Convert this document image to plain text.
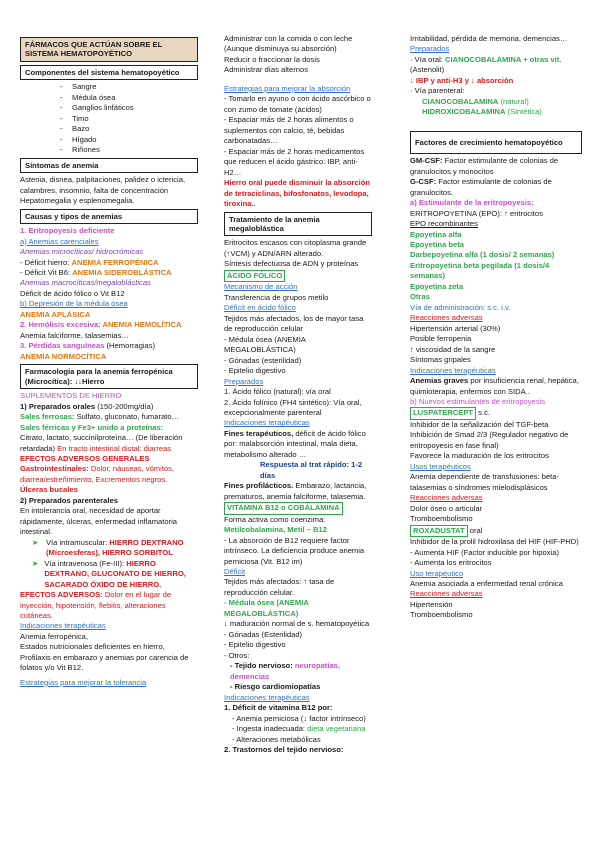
FÁRMACOS QUE ACTÚAN SOBRE EL SISTEMA HEMATOPOYÉTICO
Componentes del sistema hematopoyético
-	Sangre
-	Médula ósea
-	Ganglios linfáticos
-	Timo
-	Bazo
-	Hígado
-	Riñones
Síntomas de anemia
Astenia, disnea, palpitaciones, palidez o ictericia, calambres, insomnio, falta de concentración
Hepatomegalia y esplenomegalia.
Causas y tipos de anemias
1. Eritropoyesis deficiente
a) Anemias carenciales
Anemias microcíticas/ hidrocrómicas
- Déficit hierro: ANEMIA FERROPÉNICA
- Déficit Vit B6: ANEMIA SIDEROBLÁSTICA
Anemias macrocíticas/megaloblásticas
Déficit de ácido fólico o Vit B12
b) Depresión de la médula ósea
ANEMIA APLÁSICA
2. Hemólisis excesiva: ANEMIA HEMOLÍTICA
Anemia falciforme, talasemias…
3. Pérdidas sanguíneas (Hemorragias)
ANEMIA NORMOCÍTICA
Farmacología para la anemia ferropénica (Microcítica): ↓↓Hierro
SUPLEMENTOS DE HIERRO
1) Preparados orales (150-200mg/día)
Sales ferrosas: Sulfato, gluconato, fumarato…
Sales férricas y Fe3+ unido a proteínas:
Citrato, lactato, succinilproteína… (De liberación retardada) En tracto intestinal distal: diarreas
EFECTOS ADVERSOS GENERALES
Gastrointestinales: Dolor, náuseas, vómitos, diarrea/estreñimiento, Excrementos negros.
Úlceras bucales
2) Preparados parenterales
En intolerancia oral, necesidad de aportar rápidamente, úlceras, enfermedad inflamatoria intestinal.
➤	Vía intramuscular: HIERRO DEXTRANO (Microesferas), HIERRO SORBITOL
➤ Vía intravenosa (Fe-III): HIERRO DEXTRANO, GLUCONATO DE HIERRO, SACARADO ÓXIDO DE HIERRO.
EFECTOS ADVERSOS: Dolor en el lugar de inyección, hipotensión, flebitis, alteraciones cutáneas.
Indicaciones terapéuticas
Anemia ferropénica,
Estados nutricionales deficientes en hierro,
Profilaxis en embarazo y anemias por carencia de folatos y/o Vit B12.
Estrategias para mejorar la tolerancia
Administrar con la comida o con leche (Aunque disminuya su absorción)
Reducir o fraccionar la dosis
Administrar días alternos
Estrategias para mejorar la absorción
- Tomarlo en ayuno o con ácido ascórbico o con zumo de tomate (ácidos)
- Espaciar más de 2 horas alimentos o suplementos con calcio, té, bebidas carbonatadas…
- Espaciar más de 2 horas medicamentos que reducen el ácido gástrico: IBP, anti-H2…
Hierro oral puede disminuir la absorción de tetraciclinas, bifosfonatos, levodopa, tiroxina..
Tratamiento de la anemia megaloblástica
Eritrocitos escasos con citoplasma grande (↑VCM) y ADN/ARN alterado.
Síntesis defectuosa de ADN y proteínas
ÁCIDO FÓLICO
Mecanismo de acción
Transferencia de grupos metilo
Déficit en ácido fólico
Tejidos más afectados, los de mayor tasa de reproducción celular
- Médula ósea (ANEMIA MEGALOBLÁSTICA)
- Gónadas (esterilidad)
- Epitelio digestivo
Preparados
1. Ácido fólico (natural): vía oral
2. Ácido folínico (FH4 sintético): Vía oral, excepcionalmente parenteral
Indicaciones terapéuticas
Fines terapéuticos, déficit de ácido fólico por: malabsorción intestinal, mala dieta, metabolismo alterado …
Respuesta al trat rápido: 1-2 días
Fines profilácticos. Embarazo, lactancia, prematuros, anemia falciforme, talasemia.
VITAMINA B12 o COBALAMINA
Forma activa como coenzima:
Metilcobalamina, Metil – B12
- La absorción de B12 requiere factor intrínseco. La deficiencia produce anemia perniciosa (Vit. B12 im)
Déficit
Tejidos más afectados: ↑ tasa de reproducción celular.
- Médula ósea (ANEMIA MEGALOBLÁSTICA)
↓ maduración normal de s. hematopoyética
- Gónadas (Esterilidad)
- Epitelio digestivo
- Otros:
- Tejido nervioso: neuropatías, demencias
- Riesgo cardiomiopatías
Indicaciones terapéuticas
1. Déficit de vitamina B12 por:
- Anemia perniciosa (↓ factor intrínseco)
- Ingesta inadecuada: dieta vegetariana
- Alteraciones metabólicas
2. Trastornos del tejido nervioso:
Irritabilidad, pérdida de memoria, demencias…
Preparados
· Vía oral: CIANOCOBALAMINA + otras vit.
(Astenolit)
↓ IBP y anti-H3 y ↓ absorción
· Vía parenteral:
CIANOCOBALAMINA (natural)
HIDROXICOBALAMINA (Sintética)
Factores de crecimiento hematopoyético
GM-CSF: Factor estimulante de colonias de granulocitos y monocitos
G-CSF: Factor estimulante de colonias de granulocitos.
a) Estimulante de la eritropoyesis:
ERITROPOYETINA (EPO): ↑ eritrocitos
EPO recombinantes
Epoyetina alfa
Epoyetina beta
Darbepoyetina alfa (1 dosis/ 2 semanas)
Eritropoyetina beta pegilada (1 dosis/4 semanas)
Epoyetina zeta
Otras
Vía de administración: s.c. i.v.
Reacciones adversas
Hipertensión arterial (30%)
Posible ferropenia
↑ viscosidad de la sangre
Síntomas gripales
Indicaciones terapéuticas
Anemias graves por insuficiencia renal, hepática, quimioterapia, enfermos con SIDA..
b) Nuevos estimulantes de eritropoyesis
LUSPATERCEPT s.c.
Inhibidor de la señalización del TGF-beta
Inhibición de Smad 2/3 (Regulador negativo de eritropoyesis en fase final)
Favorece la maduración de los eritrocitos
Usos terapéuticos
Anemia dependiente de transfusiones: beta-talasemias o síndromes mielodisplásicos
Reacciones adversas
Dolor óseo o articular
Tromboembolismo
ROXADUSTAT oral
Inhibidor de la prolil hidroxilasa del HIF (HIF-PHD)
- Aumenta HIF (Factor inducible por hipoxia)
- Aumenta los eritrocitos
Uso terapéutico
Anemia asociada a enfermedad renal crónica
Reacciones adversas
Hipertensión
Tromboembolismo
